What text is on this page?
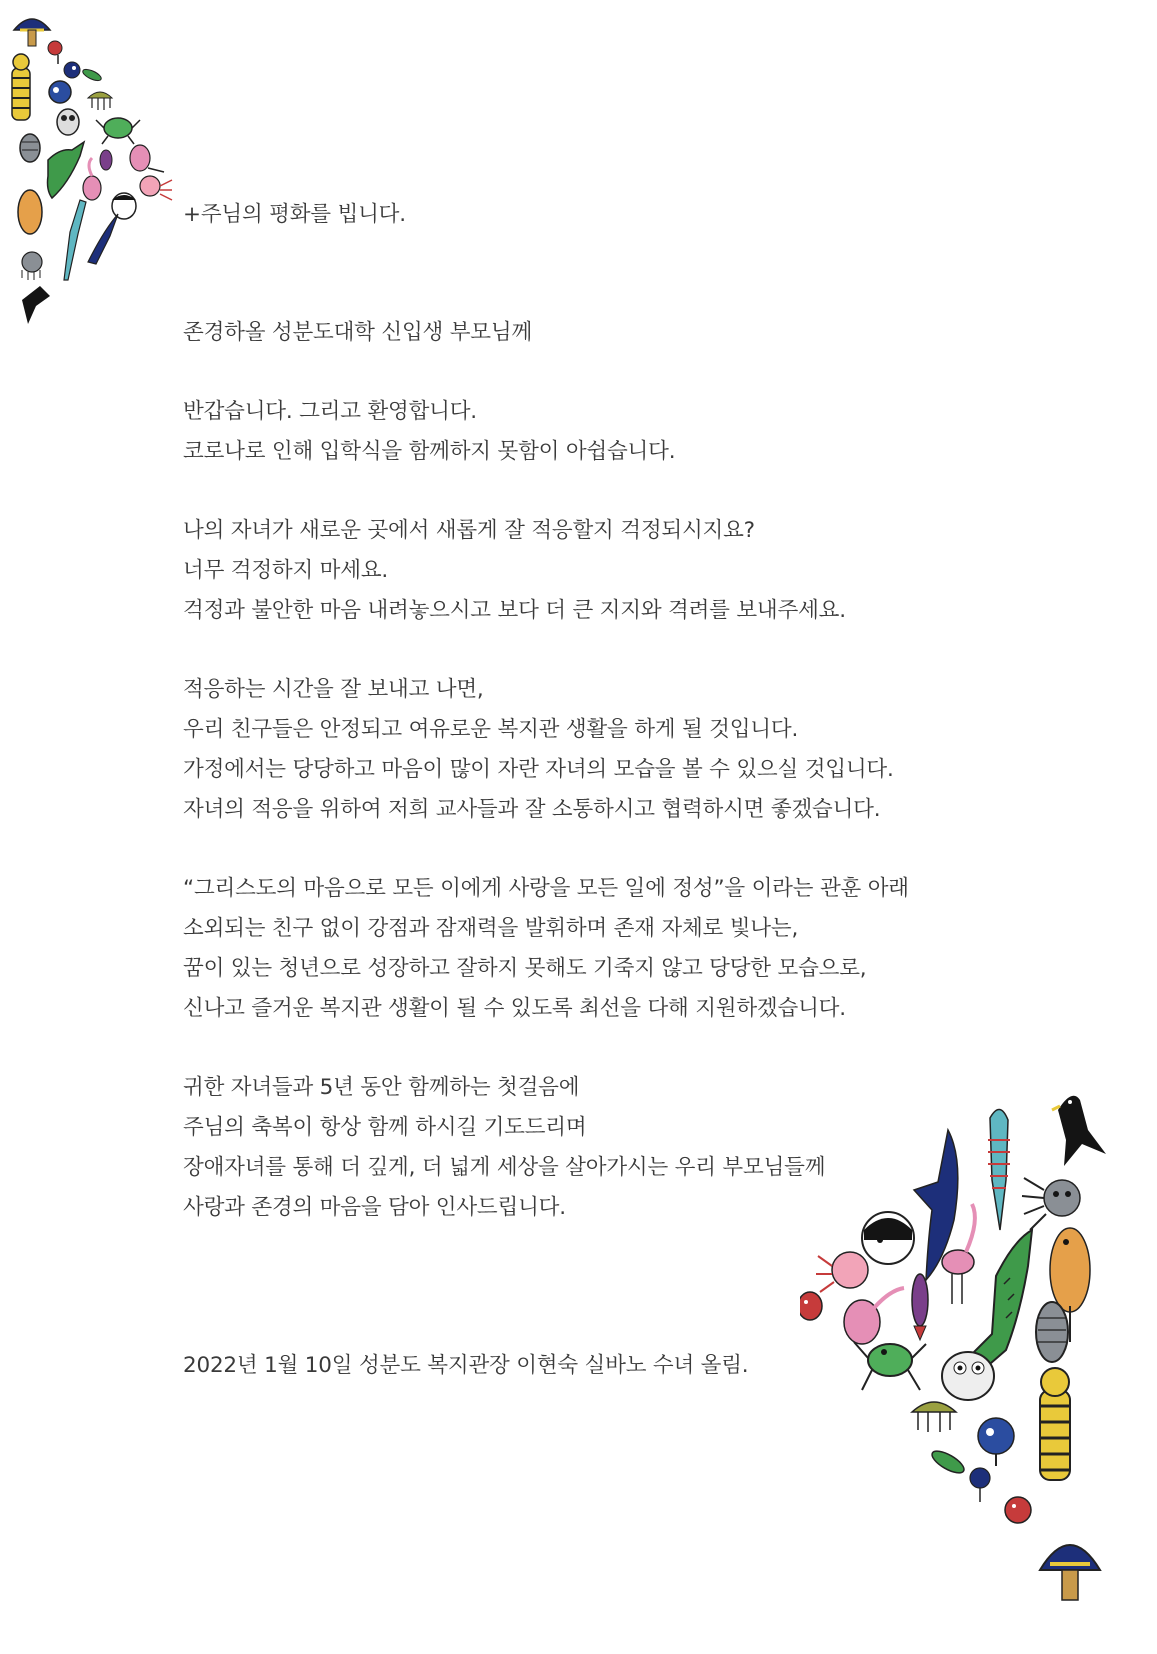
+주님의 평화를 빕니다.
존경하올 성분도대학 신입생 부모님께
반갑습니다. 그리고 환영합니다.
코로나로 인해 입학식을 함께하지 못함이 아쉽습니다.
나의 자녀가 새로운 곳에서 새롭게 잘 적응할지 걱정되시지요?
너무 걱정하지 마세요.
걱정과 불안한 마음 내려놓으시고 보다 더 큰 지지와 격려를 보내주세요.
적응하는 시간을 잘 보내고 나면,
우리 친구들은 안정되고 여유로운 복지관 생활을 하게 될 것입니다.
가정에서는 당당하고 마음이 많이 자란 자녀의 모습을 볼 수 있으실 것입니다.
자녀의 적응을 위하여 저희 교사들과 잘 소통하시고 협력하시면 좋겠습니다.
“그리스도의 마음으로 모든 이에게 사랑을 모든 일에 정성”을 이라는 관훈 아래
소외되는 친구 없이 강점과 잠재력을 발휘하며 존재 자체로 빛나는,
꿈이 있는 청년으로 성장하고 잘하지 못해도 기죽지 않고 당당한 모습으로,
신나고 즐거운 복지관 생활이 될 수 있도록 최선을 다해 지원하겠습니다.
귀한 자녀들과 5년 동안 함께하는 첫걸음에
주님의 축복이 항상 함께 하시길 기도드리며
장애자녀를 통해 더 깊게, 더 넓게 세상을 살아가시는 우리 부모님들께
사랑과 존경의 마음을 담아 인사드립니다.
2022년 1월 10일 성분도 복지관장 이현숙 실바노 수녀 올림.
